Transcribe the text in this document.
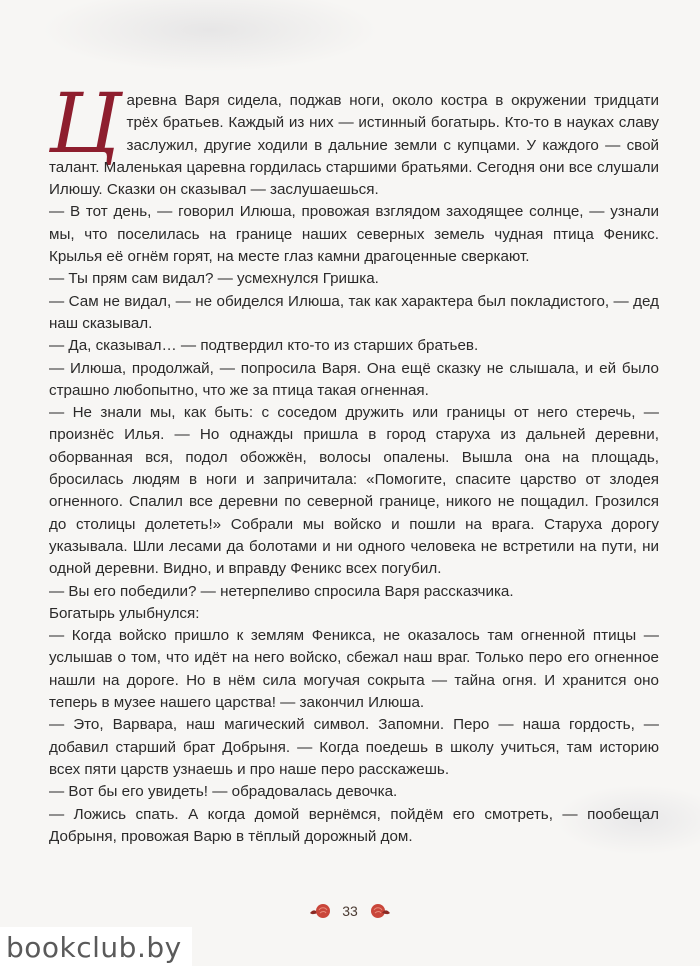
Царевна Варя сидела, поджав ноги, около костра в окружении тридцати трёх братьев. Каждый из них — истинный богатырь. Кто-то в науках славу заслужил, другие ходили в дальние земли с купцами. У каждого — свой талант. Маленькая царевна гордилась старшими братьями. Сегодня они все слушали Илюшу. Сказки он сказывал — заслушаешься.

— В тот день, — говорил Илюша, провожая взглядом заходящее солнце, — узнали мы, что поселилась на границе наших северных земель чудная птица Феникс. Крылья её огнём горят, на месте глаз камни драгоценные сверкают.

— Ты прям сам видал? — усмехнулся Гришка.

— Сам не видал, — не обиделся Илюша, так как характера был покладистого, — дед наш сказывал.

— Да, сказывал… — подтвердил кто-то из старших братьев.

— Илюша, продолжай, — попросила Варя. Она ещё сказку не слышала, и ей было страшно любопытно, что же за птица такая огненная.

— Не знали мы, как быть: с соседом дружить или границы от него стеречь, — произнёс Илья. — Но однажды пришла в город старуха из дальней деревни, оборванная вся, подол обожжён, волосы опалены. Вышла она на площадь, бросилась людям в ноги и запричитала: «Помогите, спасите царство от злодея огненного. Спалил все деревни по северной границе, никого не пощадил. Грозился до столицы долететь!» Собрали мы войско и пошли на врага. Старуха дорогу указывала. Шли лесами да болотами и ни одного человека не встретили на пути, ни одной деревни. Видно, и вправду Феникс всех погубил.

— Вы его победили? — нетерпеливо спросила Варя рассказчика.

Богатырь улыбнулся:

— Когда войско пришло к землям Феникса, не оказалось там огненной птицы — услышав о том, что идёт на него войско, сбежал наш враг. Только перо его огненное нашли на дороге. Но в нём сила могучая сокрыта — тайна огня. И хранится оно теперь в музее нашего царства! — закончил Илюша.

— Это, Варвара, наш магический символ. Запомни. Перо — наша гордость, — добавил старший брат Добрыня. — Когда поедешь в школу учиться, там историю всех пяти царств узнаешь и про наше перо расскажешь.

— Вот бы его увидеть! — обрадовалась девочка.

— Ложись спать. А когда домой вернёмся, пойдём его смотреть, — пообещал Добрыня, провожая Варю в тёплый дорожный дом.

33
bookclub.by
